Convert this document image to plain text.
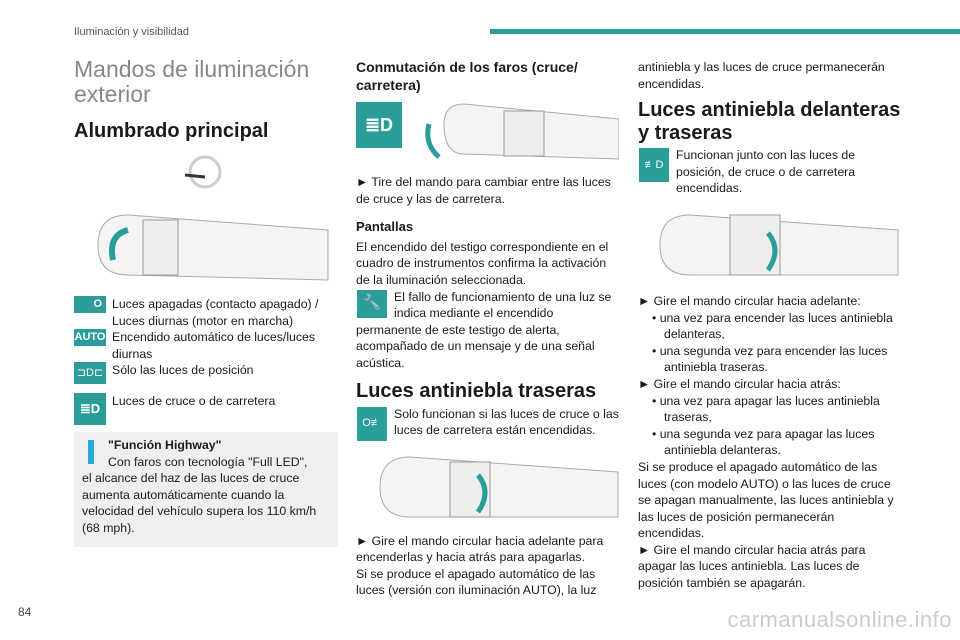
Iluminación y visibilidad
84	carmanualsonline.info
Mandos de iluminación exterior
Alumbrado principal
O Luces apagadas (contacto apagado) / Luces diurnas (motor en marcha)
AUTO Encendido automático de luces/luces diurnas
⊐D⊏ Sólo las luces de posición
≣D Luces de cruce o de carretera
"Función Highway"
Con faros con tecnología "Full LED",
el alcance del haz de las luces de cruce aumenta automáticamente cuando la velocidad del vehículo supera los 110 km/h (68 mph).
Conmutación de los faros (cruce/ carretera)
≣D
► Tire del mando para cambiar entre las luces de cruce y las de carretera.
Pantallas
El encendido del testigo correspondiente en el cuadro de instrumentos confirma la activación de la iluminación seleccionada.
🔧	El fallo de funcionamiento de una luz se indica mediante el encendido permanente de este testigo de alerta, acompañado de un mensaje y de una señal acústica.
Luces antiniebla traseras
O≢
Solo funcionan si las luces de cruce o las luces de carretera están encendidas.
► Gire el mando circular hacia adelante para encenderlas y hacia atrás para apagarlas.
Si se produce el apagado automático de las luces (versión con iluminación AUTO), la luz
antiniebla y las luces de cruce permanecerán encendidas.
Luces antiniebla delanteras y traseras
≢D
Funcionan junto con las luces de posición, de cruce o de carretera encendidas.
► Gire el mando circular hacia adelante:
• una vez para encender las luces antiniebla delanteras,
• una segunda vez para encender las luces antiniebla traseras.
► Gire el mando circular hacia atrás:
• una vez para apagar las luces antiniebla traseras,
• una segunda vez para apagar las luces antiniebla delanteras.
Si se produce el apagado automático de las luces (con modelo AUTO) o las luces de cruce se apagan manualmente, las luces antiniebla y las luces de posición permanecerán encendidas.
► Gire el mando circular hacia atrás para apagar las luces antiniebla. Las luces de posición también se apagarán.
